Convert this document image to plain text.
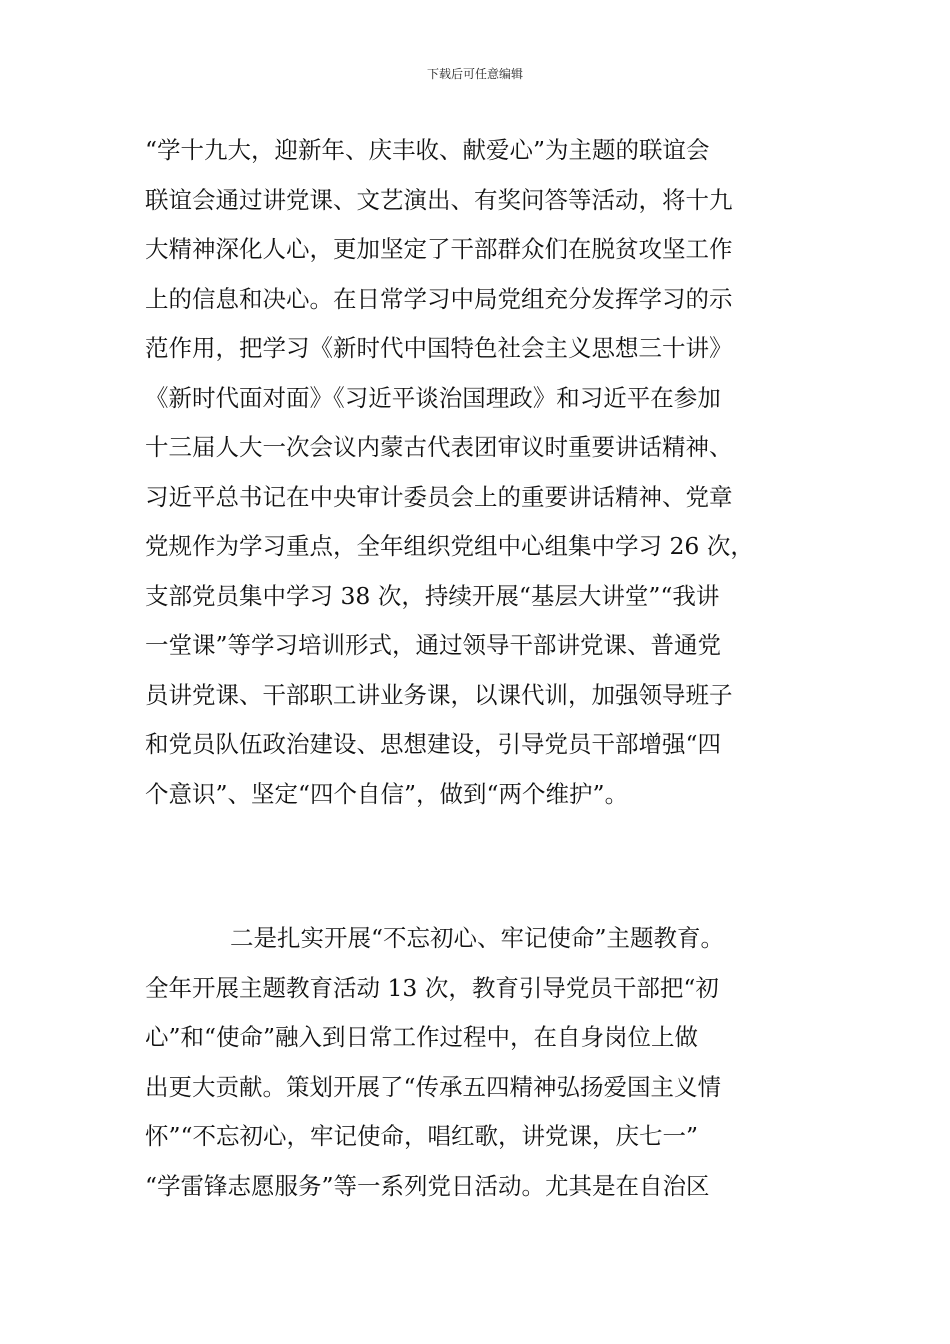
下载后可任意编辑
“学十九大，迎新年、庆丰收、献爱心”为主题的联谊会
联谊会通过讲党课、文艺演出、有奖问答等活动，将十九
大精神深化人心，更加坚定了干部群众们在脱贫攻坚工作
上的信息和决心。在日常学习中局党组充分发挥学习的示
范作用，把学习《新时代中国特色社会主义思想三十讲》
《新时代面对面》《习近平谈治国理政》和习近平在参加
十三届人大一次会议内蒙古代表团审议时重要讲话精神、
习近平总书记在中央审计委员会上的重要讲话精神、党章
党规作为学习重点，全年组织党组中心组集中学习 26 次，
支部党员集中学习 38 次，持续开展“基层大讲堂”“我讲
一堂课”等学习培训形式，通过领导干部讲党课、普通党
员讲党课、干部职工讲业务课，以课代训，加强领导班子
和党员队伍政治建设、思想建设，引导党员干部增强“四
个意识”、坚定“四个自信”，做到“两个维护”。
二是扎实开展“不忘初心、牢记使命”主题教育。
全年开展主题教育活动 13 次，教育引导党员干部把“初
心”和“使命”融入到日常工作过程中，在自身岗位上做
出更大贡献。策划开展了“传承五四精神弘扬爱国主义情
怀”“不忘初心，牢记使命，唱红歌，讲党课，庆七一”
“学雷锋志愿服务”等一系列党日活动。尤其是在自治区
